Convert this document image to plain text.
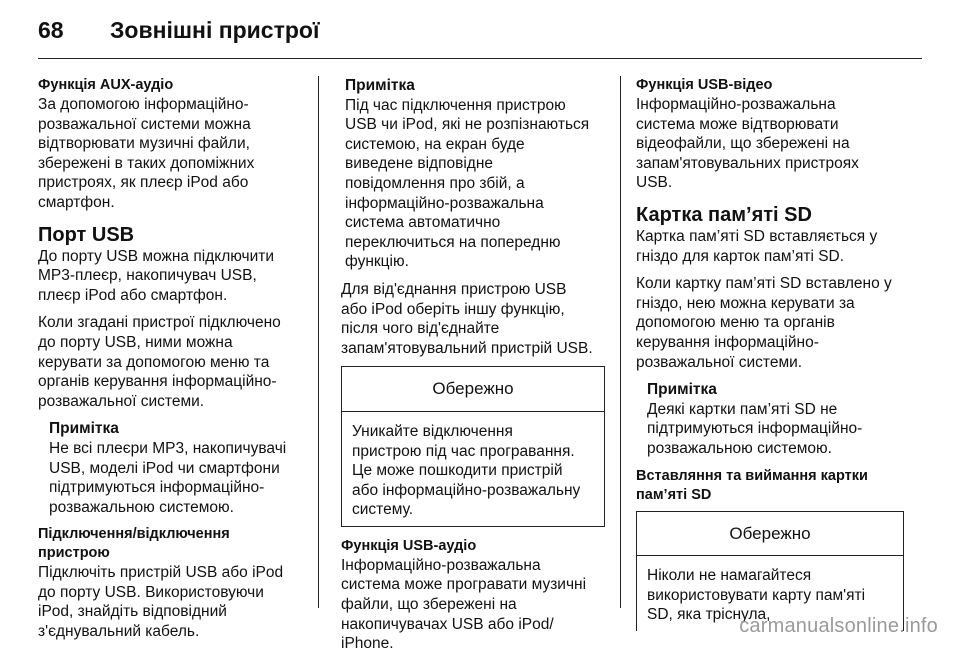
68	Зовнішні пристрої
Функція AUX-аудіо

За допомогою інформаційно-
розважальної системи можна
відтворювати музичні файли,
збережені в таких допоміжних
пристроях, як плеєр iPod або
смартфон.

Порт USB

До порту USB можна підключити
MP3-плеєр, накопичувач USB,
плеєр iPod або смартфон.

Коли згадані пристрої підключено
до порту USB, ними можна
керувати за допомогою меню та
органів керування інформаційно-
розважальної системи.

Примітка

Не всі плеєри MP3, накопичувачі
USB, моделі iPod чи смартфони
підтримуються інформаційно-
розважальною системою.

Підключення/відключення
пристрою

Підключіть пристрій USB або iPod
до порту USB. Використовуючи
iPod, знайдіть відповідний
з'єднувальний кабель.

Примітка

Під час підключення пристрою
USB чи iPod, які не розпізнаються
системою, на екран буде
виведене відповідне
повідомлення про збій, а
інформаційно-розважальна
система автоматично
переключиться на попередню
функцію.

Для від'єднання пристрою USB
або iPod оберіть іншу функцію,
після чого від'єднайте
запам'ятовувальний пристрій USB.

Обережно
Уникайте відключення
пристрою під час програвання.
Це може пошкодити пристрій
або інформаційно-розважальну
систему.
Функція USB-аудіо

Інформаційно-розважальна
система може програвати музичні
файли, що збережені на
накопичувачах USB або iPod/
iPhone.

Функція USB-відео

Інформаційно-розважальна
система може відтворювати
відеофайли, що збережені на
запам'ятовувальних пристроях
USB.

Картка пам’яті SD

Картка пам’яті SD вставляється у
гніздо для карток пам’яті SD.

Коли картку пам’яті SD вставлено у
гніздо, нею можна керувати за
допомогою меню та органів
керування інформаційно-
розважальної системи.

Примітка

Деякі картки пам’яті SD не
підтримуються інформаційно-
розважальною системою.

Вставляння та виймання картки
пам’яті SD
Обережно
Ніколи не намагайтеся
використовувати карту пам'яті
SD, яка тріснула,
carmanualsonline.info
